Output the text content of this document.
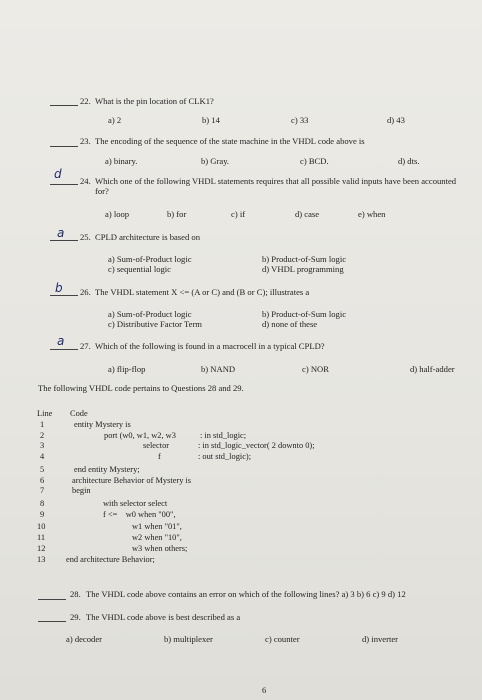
22. What is the pin location of CLK1?
a) 2	b) 14	c) 33	d) 43
23. The encoding of the sequence of the state machine in the VHDL code above is
a) binary.	b) Gray.	c) BCD.	d) dts.
d 24. Which one of the following VHDL statements requires that all possible valid inputs have been accounted for?
a) loop	b) for	c) if	d) case	e) when
a 25. CPLD architecture is based on
a) Sum-of-Product logic	b) Product-of-Sum logic
c) sequential logic	d) VHDL programming
b 26. The VHDL statement X <= (A or C) and (B or C); illustrates a
a) Sum-of-Product logic	b) Product-of-Sum logic
c) Distributive Factor Term	d) none of these
a 27. Which of the following is found in a macrocell in a typical CPLD?
a) flip-flop	b) NAND	c) NOR	d) half-adder
The following VHDL code pertains to Questions 28 and 29.
Line Code
1	entity Mystery is
2	port (w0, w1, w2, w3	: in std_logic;
3	selector	: in std_logic_vector( 2 downto 0);
4	f	: out std_logic);
5	end entity Mystery;
6	architecture Behavior of Mystery is
7	begin
8	with selector select
9	f <=    w0 when "00",
10	w1 when "01",
11	w2 when "10",
12	w3 when others;
13 end architecture Behavior;
28. The VHDL code above contains an error on which of the following lines? a) 3 b) 6 c) 9 d) 12
29. The VHDL code above is best described as a
a) decoder	b) multiplexer	c) counter	d) inverter
6
